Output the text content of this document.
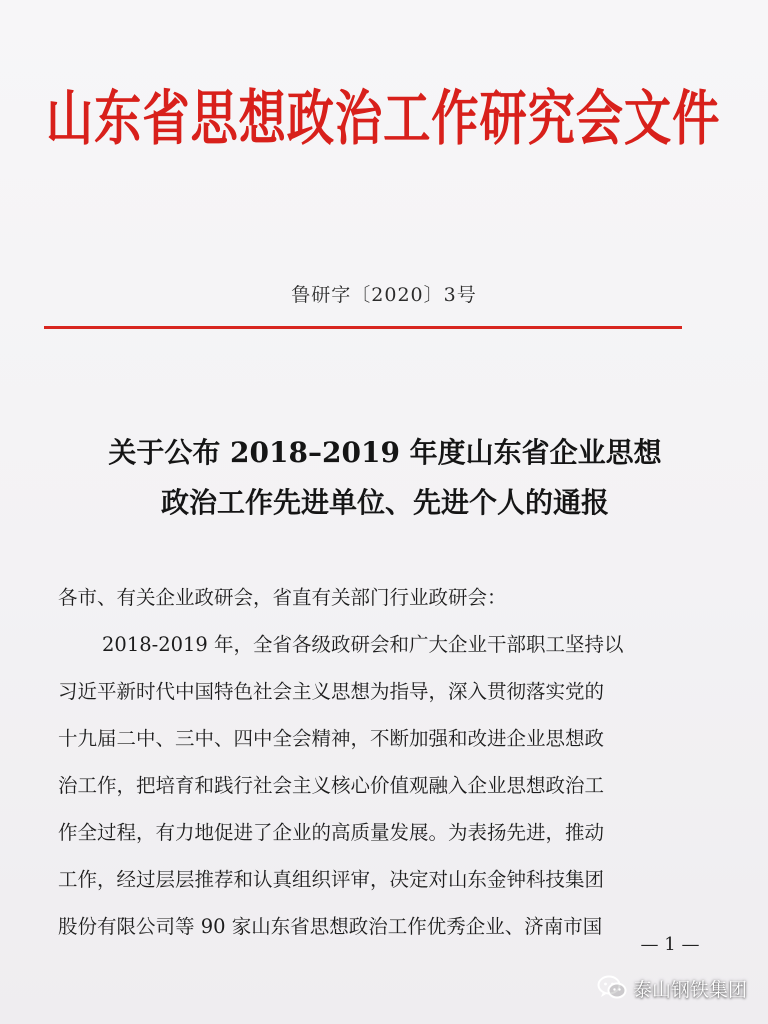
山东省思想政治工作研究会文件
鲁研字〔2020〕3号
关于公布 2018–2019 年度山东省企业思想
政治工作先进单位、先进个人的通报
各市、有关企业政研会，省直有关部门行业政研会：
2018-2019 年，全省各级政研会和广大企业干部职工坚持以
习近平新时代中国特色社会主义思想为指导，深入贯彻落实党的
十九届二中、三中、四中全会精神，不断加强和改进企业思想政
治工作，把培育和践行社会主义核心价值观融入企业思想政治工
作全过程，有力地促进了企业的高质量发展。为表扬先进，推动
工作，经过层层推荐和认真组织评审，决定对山东金钟科技集团
股份有限公司等 90 家山东省思想政治工作优秀企业、济南市国
— 1 —
泰山钢铁集团
